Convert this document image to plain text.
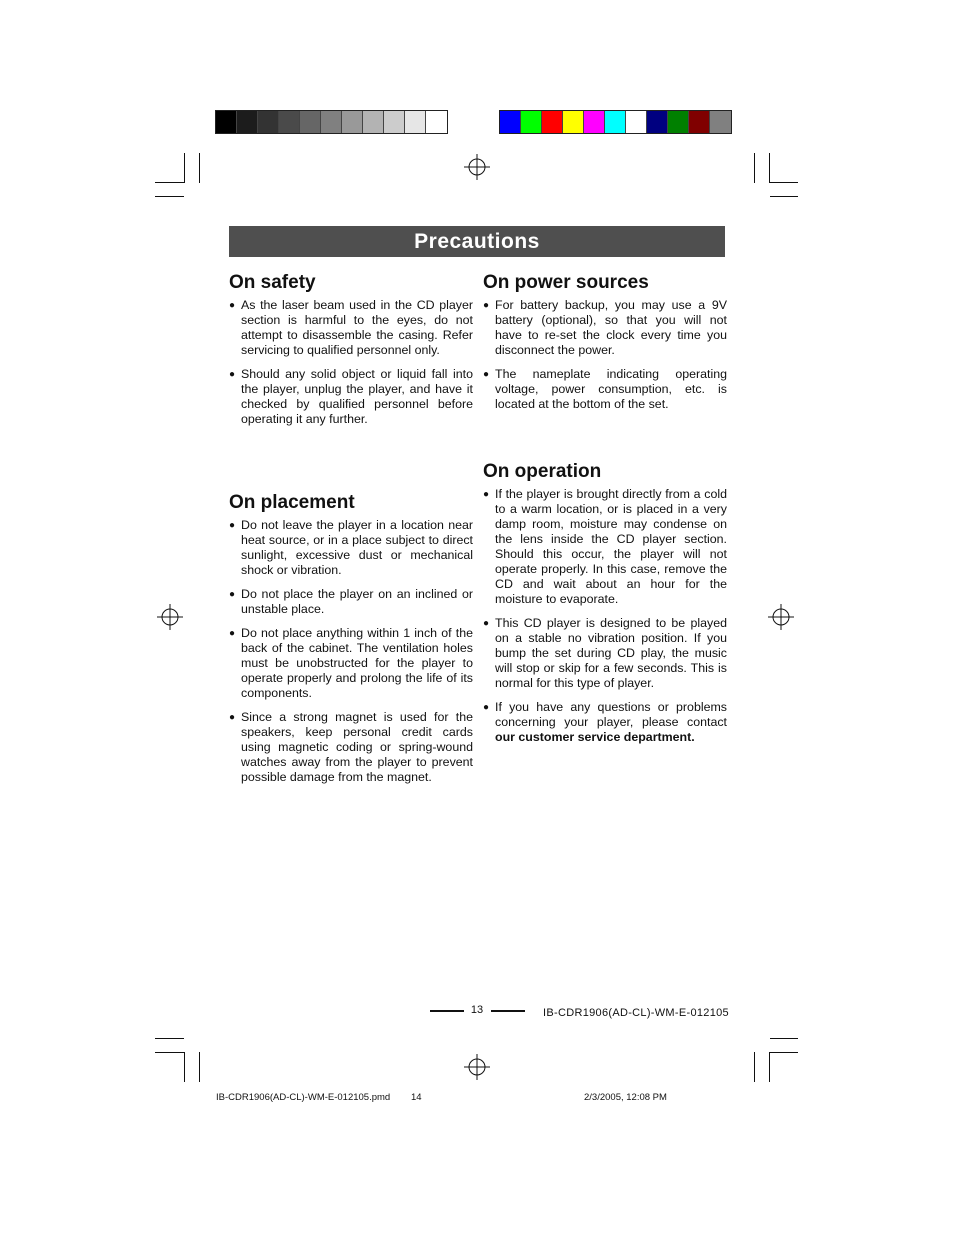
Precautions
On safety
● As the laser beam used in the CD player section is harmful to the eyes, do not attempt to disassemble the casing. Refer servicing to qualified personnel only.
● Should any solid object or liquid fall into the player, unplug the player, and have it checked by qualified personnel before operating it any further.
On placement
● Do not leave the player in a location near heat source, or in a place subject to direct sunlight, excessive dust or mechanical shock or vibration.
● Do not place the player on an inclined or unstable place.
● Do not place anything within 1 inch of the back of the cabinet. The ventilation holes must be unobstructed for the player to operate properly and prolong the life of its components.
● Since a strong magnet is used for the speakers, keep personal credit cards using magnetic coding or spring-wound watches away from the player to prevent possible damage from the magnet.
On power sources
● For battery backup, you may use a 9V battery (optional), so that you will not have to re-set the clock every time you disconnect the power.
● The nameplate indicating operating voltage, power consumption, etc. is located at the bottom of the set.
On operation
● If the player is brought directly from a cold to a warm location, or is placed in a very damp room, moisture may condense on the lens inside the CD player section. Should this occur, the player will not operate properly. In this case, remove the CD and wait about an hour for the moisture to evaporate.
● This CD player is designed to be played on a stable no vibration position. If you bump the set during CD play, the music will stop or skip for a few seconds. This is normal for this type of player.
● If you have any questions or problems concerning your player, please contact our customer service department.
13	IB-CDR1906(AD-CL)-WM-E-012105
IB-CDR1906(AD-CL)-WM-E-012105.pmd 14	2/3/2005, 12:08 PM
